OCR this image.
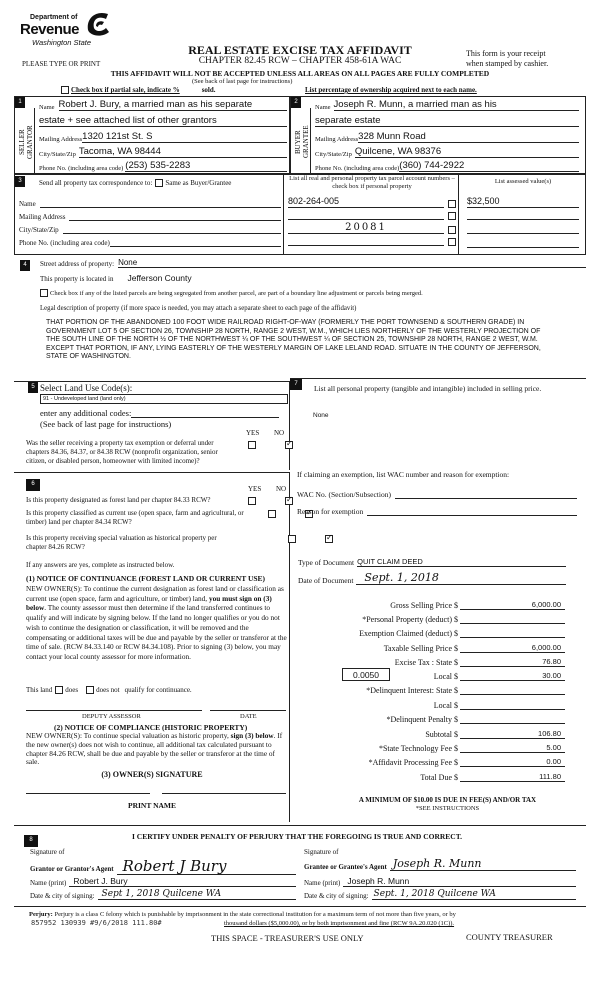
Department of
Revenue
Washington State
REAL ESTATE EXCISE TAX AFFIDAVIT
CHAPTER 82.45 RCW – CHAPTER 458-61A WAC
PLEASE TYPE OR PRINT
This form is your receipt
when stamped by cashier.
THIS AFFIDAVIT WILL NOT BE ACCEPTED UNLESS ALL AREAS ON ALL PAGES ARE FULLY COMPLETED
(See back of last page for instructions)
Check box if partial sale, indicate %	sold.	List percentage of ownership acquired next to each name.
1
SELLER GRANTOR
Name Robert J. Bury, a married man as his separate
estate + see attached list of other grantors
Mailing Address 1320 121st St. S
City/State/Zip Tacoma, WA 98444
Phone No. (including area code) (253) 535-2283
2
BUYER GRANTEE
Name Joseph R. Munn, a married man as his
separate estate
Mailing Address 328 Munn Road
City/State/Zip Quilcene, WA 98376
Phone No. (including area code) (360) 744-2922
3	Send all property tax correspondence to: Same as Buyer/Grantee
Name
Mailing Address
City/State/Zip
Phone No. (including area code)
List all real and personal property tax parcel account numbers – check box if personal property
802-264-005
20081
List assessed value(s)
$32,500
4	Street address of property: None
This property is located in Jefferson County
Check box if any of the listed parcels are being segregated from another parcel, are part of a boundary line adjustment or parcels being merged.
Legal description of property (if more space is needed, you may attach a separate sheet to each page of the affidavit)
THAT PORTION OF THE ABANDONED 100 FOOT WIDE RAILROAD RIGHT-OF-WAY (FORMERLY THE PORT TOWNSEND & SOUTHERN GRADE) IN GOVERNMENT LOT 5 OF SECTION 26, TOWNSHIP 28 NORTH, RANGE 2 WEST, W.M., WHICH LIES NORTHERLY OF THE WESTERLY PROJECTION OF THE SOUTH LINE OF THE NORTH ½ OF THE NORTHWEST ¼ OF THE SOUTHWEST ¼ OF SECTION 25, TOWNSHIP 28 NORTH, RANGE 2 WEST, W.M. EXCEPT THAT PORTION, IF ANY, LYING EASTERLY OF THE WESTERLY MARGIN OF LAKE LELAND ROAD. SITUATE IN THE COUNTY OF JEFFERSON, STATE OF WASHINGTON.
5 Select Land Use Code(s):
91 - Undeveloped land (land only)
enter any additional codes:
(See back of last page for instructions)
YES NO
Was the seller receiving a property tax exemption or deferral under chapters 84.36, 84.37, or 84.38 RCW (nonprofit organization, senior citizen, or disabled person, homeowner with limited income)?
✓
6
YES NO
Is this property designated as forest land per chapter 84.33 RCW?
✓
Is this property classified as current use (open space, farm and agricultural, or timber) land per chapter 84.34 RCW?
✓
Is this property receiving special valuation as historical property per chapter 84.26 RCW?
✓
If any answers are yes, complete as instructed below.
(1) NOTICE OF CONTINUANCE (FOREST LAND OR CURRENT USE)
NEW OWNER(S): To continue the current designation as forest land or classification as current use (open space, farm and agriculture, or timber) land, you must sign on (3) below. The county assessor must then determine if the land transferred continues to qualify and will indicate by signing below. If the land no longer qualifies or you do not wish to continue the designation or classification, it will be removed and the compensating or additional taxes will be due and payable by the seller or transferor at the time of sale. (RCW 84.33.140 or RCW 84.34.108). Prior to signing (3) below, you may contact your local county assessor for more information.
This land does	does not qualify for continuance.
DEPUTY ASSESSOR	DATE
(2) NOTICE OF COMPLIANCE (HISTORIC PROPERTY)
NEW OWNER(S): To continue special valuation as historic property, sign (3) below. If the new owner(s) does not wish to continue, all additional tax calculated pursuant to chapter 84.26 RCW, shall be due and payable by the seller or transferor at the time of sale.
(3) OWNER(S) SIGNATURE
PRINT NAME
7	List all personal property (tangible and intangible) included in selling price.
None
If claiming an exemption, list WAC number and reason for exemption:
WAC No. (Section/Subsection)
Reason for exemption
Type of Document QUIT CLAIM DEED
Date of Document	Sept. 1, 2018
Gross Selling Price $	6,000.00
*Personal Property (deduct) $
Exemption Claimed (deduct) $
Taxable Selling Price $	6,000.00
Excise Tax : State $	76.80
Local $	30.00
*Delinquent Interest: State $
Local $
*Delinquent Penalty $
Subtotal $	106.80
*State Technology Fee $	5.00
*Affidavit Processing Fee $	0.00
Total Due $	111.80
0.0050
A MINIMUM OF $10.00 IS DUE IN FEE(S) AND/OR TAX
*SEE INSTRUCTIONS
8	I CERTIFY UNDER PENALTY OF PERJURY THAT THE FOREGOING IS TRUE AND CORRECT.
Signature of
Grantor or Grantor's Agent Robert J Bury
Name (print) Robert J. Bury
Date & city of signing: Sept 1, 2018 Quilcene WA
Signature of
Grantee or Grantee's Agent Joseph R. Munn
Name (print) Joseph R. Munn
Date & city of signing: Sept. 1, 2018 Quilcene WA
Perjury: Perjury is a class C felony which is punishable by imprisonment in the state correctional institution for a maximum term of not more than five years, or by
thousand dollars ($5,000.00), or by both imprisonment and fine (RCW 9A.20.020 (1C)).
857952 130939 #9/6/2018 111.80#
THIS SPACE - TREASURER'S USE ONLY	COUNTY TREASURER
